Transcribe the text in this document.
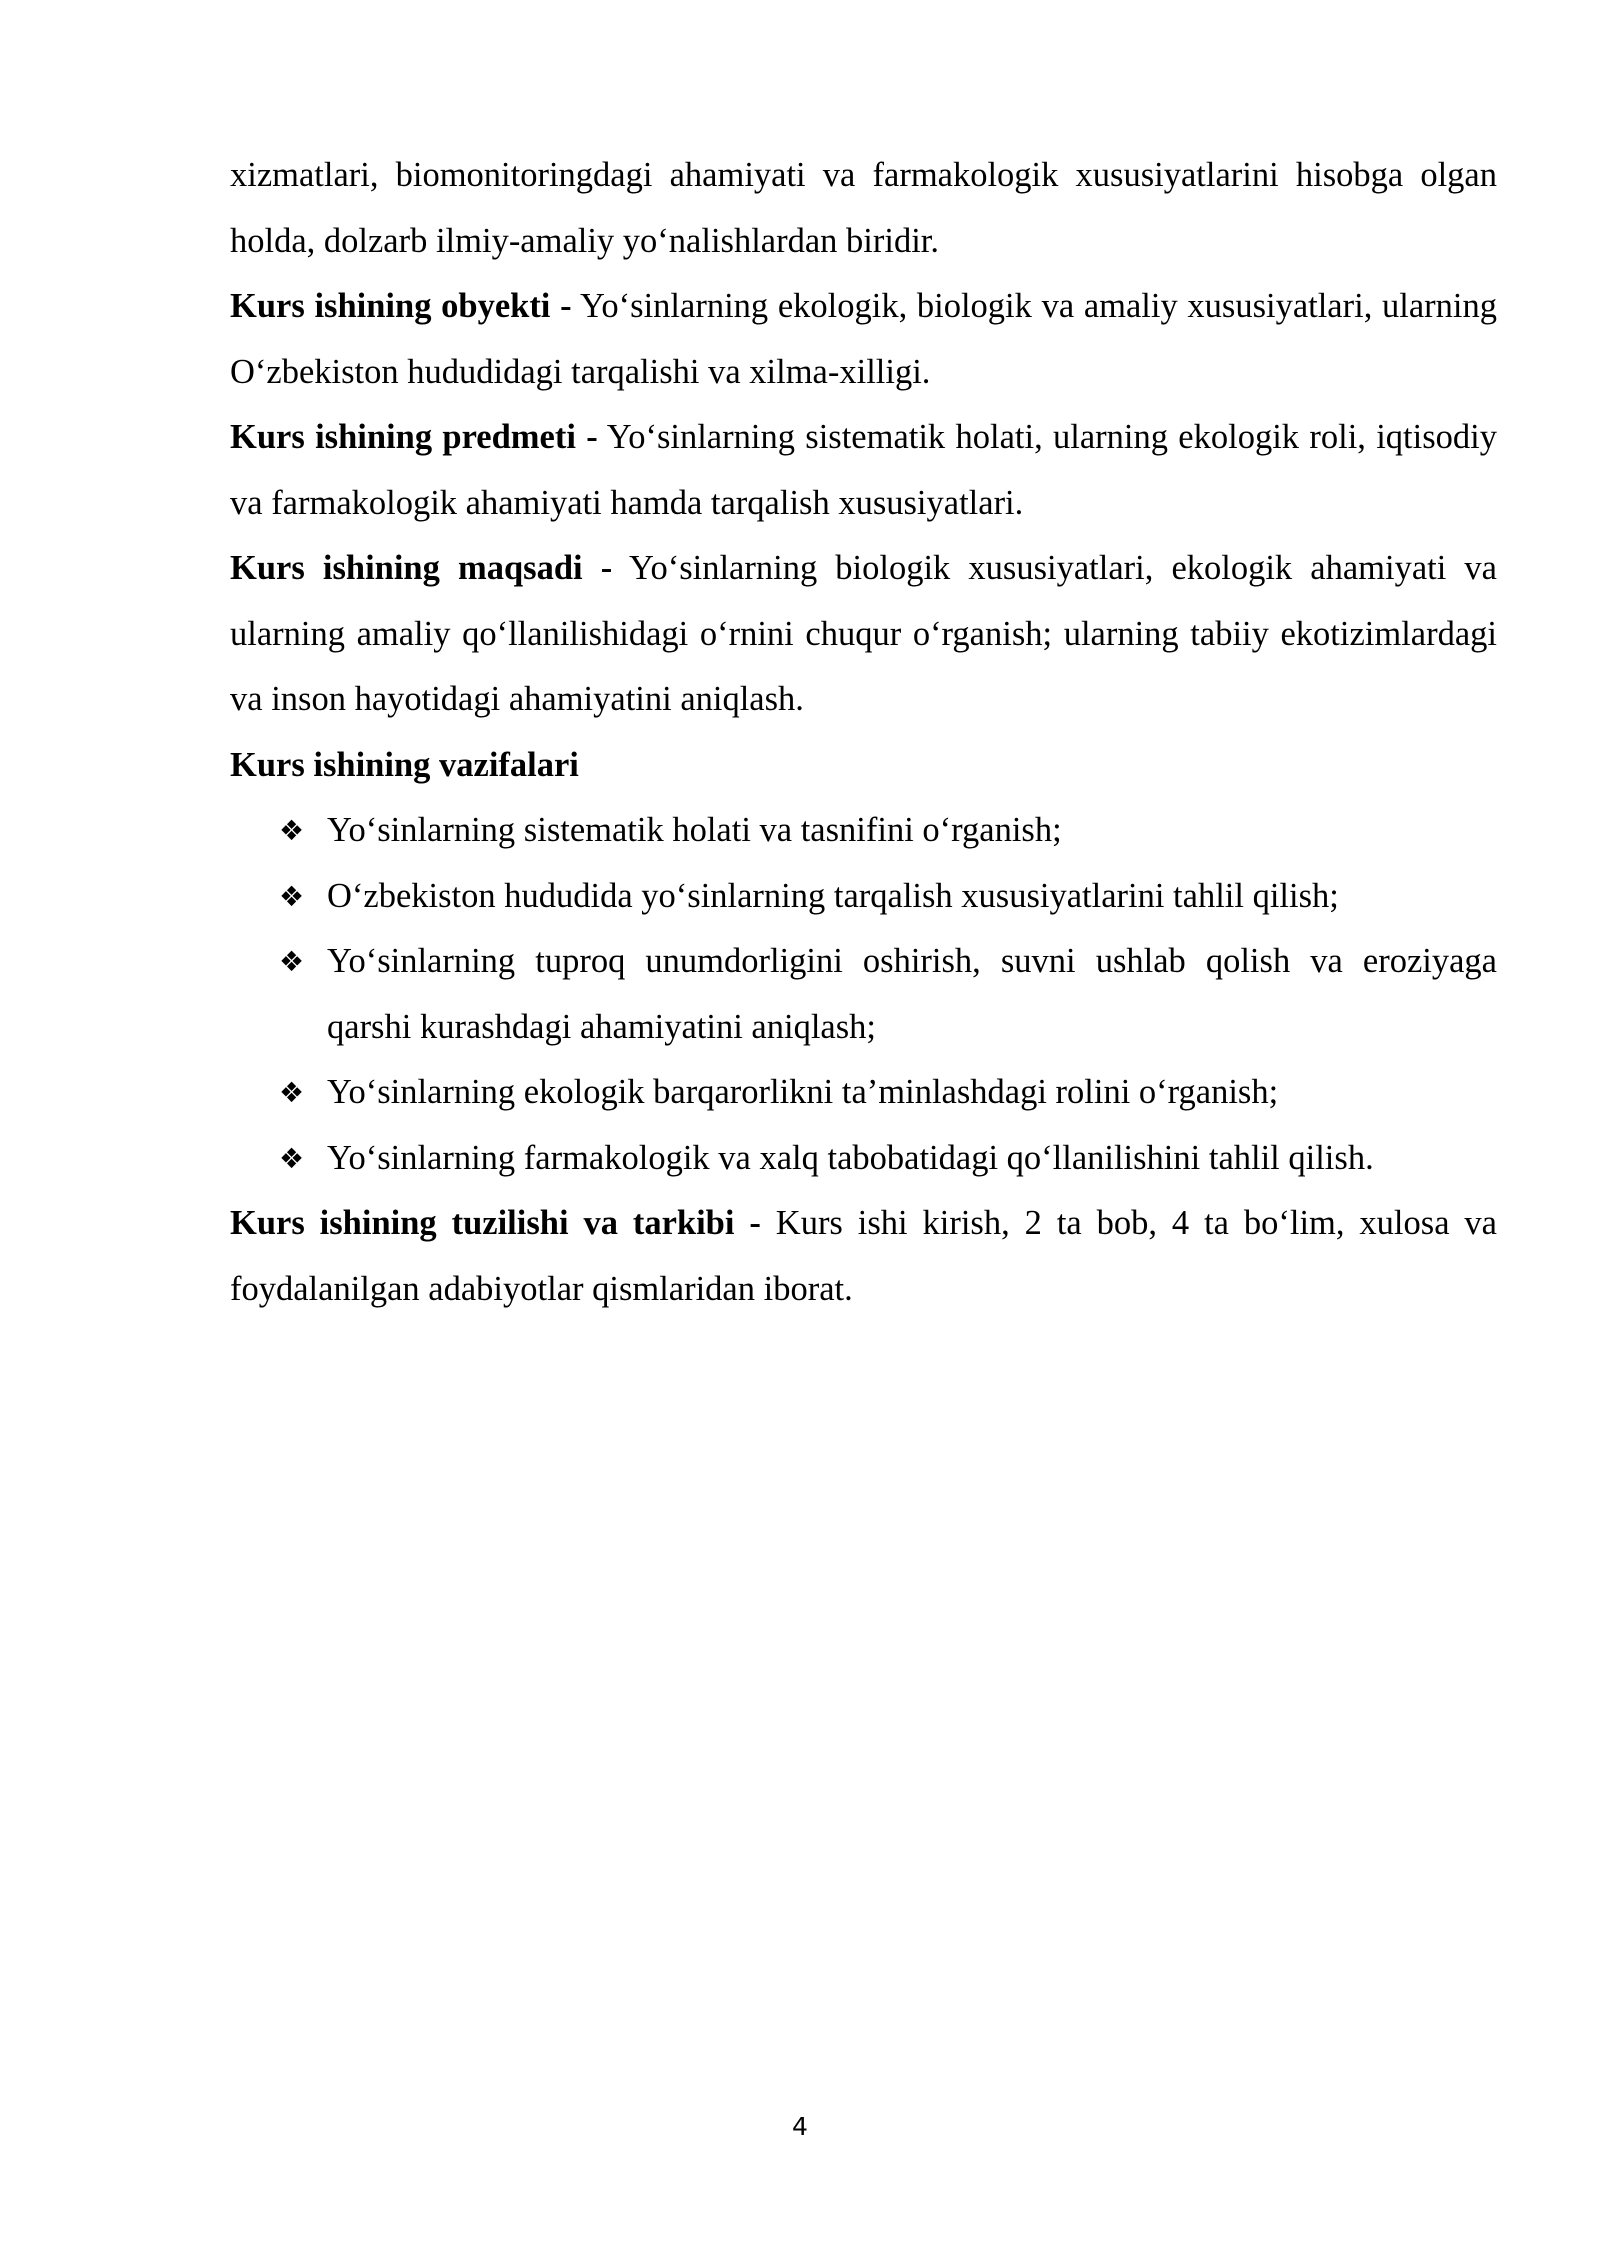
xizmatlari, biomonitoringdagi ahamiyati va farmakologik xususiyatlarini hisobga olgan holda, dolzarb ilmiy-amaliy yo‘nalishlardan biridir.

Kurs ishining obyekti - Yo‘sinlarning ekologik, biologik va amaliy xususiyatlari, ularning O‘zbekiston hududidagi tarqalishi va xilma-xilligi.

Kurs ishining predmeti - Yo‘sinlarning sistematik holati, ularning ekologik roli, iqtisodiy va farmakologik ahamiyati hamda tarqalish xususiyatlari.

Kurs ishining maqsadi - Yo‘sinlarning biologik xususiyatlari, ekologik ahamiyati va ularning amaliy qo‘llanilishidagi o‘rnini chuqur o‘rganish; ularning tabiiy ekotizimlardagi va inson hayotidagi ahamiyatini aniqlash.

Kurs ishining vazifalari

❖ Yo‘sinlarning sistematik holati va tasnifini o‘rganish;
❖ O‘zbekiston hududida yo‘sinlarning tarqalish xususiyatlarini tahlil qilish;
❖ Yo‘sinlarning tuproq unumdorligini oshirish, suvni ushlab qolish va eroziyaga qarshi kurashdagi ahamiyatini aniqlash;
❖ Yo‘sinlarning ekologik barqarorlikni ta’minlashdagi rolini o‘rganish;
❖ Yo‘sinlarning farmakologik va xalq tabobatidagi qo‘llanilishini tahlil qilish.

Kurs ishining tuzilishi va tarkibi - Kurs ishi kirish, 2 ta bob, 4 ta bo‘lim, xulosa va foydalanilgan adabiyotlar qismlaridan iborat.

4
